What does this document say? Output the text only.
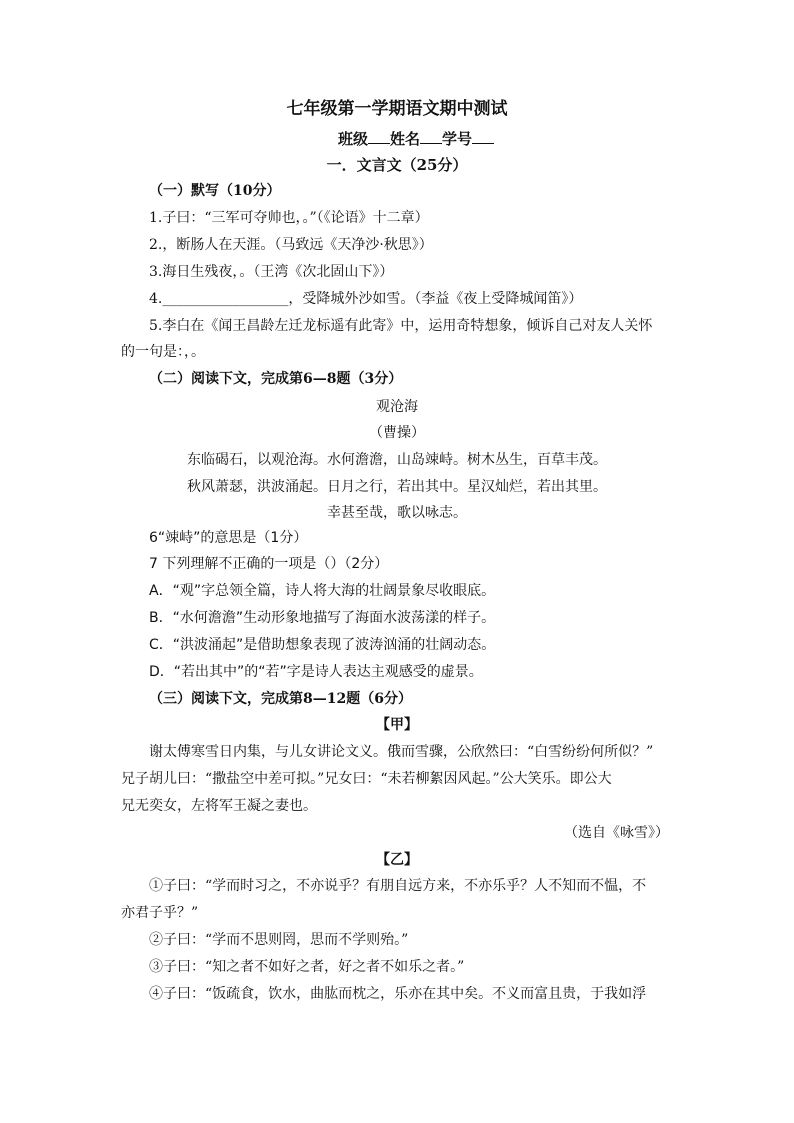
七年级第一学期语文期中测试
班级 姓名 学号
一．文言文（25分）
（一）默写（10分）
1.子曰：“三军可夺帅也，。”（《论语》十二章）
2.，断肠人在天涯。（马致远《天净沙·秋思》）
3.海日生残夜，。（王湾《次北固山下》）
4.__________________，受降城外沙如雪。（李益《夜上受降城闻笛》）
5.李白在《闻王昌龄左迁龙标遥有此寄》中，运用奇特想象，倾诉自己对友人关怀
的一句是：，。
（二）阅读下文，完成第6—8题（3分）
观沧海
（曹操）
东临碣石，以观沧海。水何澹澹，山岛竦峙。树木丛生，百草丰茂。
秋风萧瑟，洪波涌起。日月之行，若出其中。星汉灿烂，若出其里。
幸甚至哉，歌以咏志。
6“竦峙”的意思是（1分）
7 下列理解不正确的一项是（）（2分）
A．“观”字总领全篇，诗人将大海的壮阔景象尽收眼底。
B．“水何澹澹”生动形象地描写了海面水波荡漾的样子。
C．“洪波涌起”是借助想象表现了波涛汹涌的壮阔动态。
D．“若出其中”的“若”字是诗人表达主观感受的虚景。
（三）阅读下文，完成第8—12题（6分）
【甲】
谢太傅寒雪日内集，与儿女讲论文义。俄而雪骤，公欣然曰：“白雪纷纷何所似？”
兄子胡儿曰：“撒盐空中差可拟。”兄女曰：“未若柳絮因风起。”公大笑乐。即公大
兄无奕女，左将军王凝之妻也。
（选自《咏雪》）
【乙】
①子曰：“学而时习之，不亦说乎？有朋自远方来，不亦乐乎？人不知而不愠，不
亦君子乎？”
②子曰：“学而不思则罔，思而不学则殆。”
③子曰：“知之者不如好之者，好之者不如乐之者。”
④子曰：“饭疏食，饮水，曲肱而枕之，乐亦在其中矣。不义而富且贵，于我如浮
